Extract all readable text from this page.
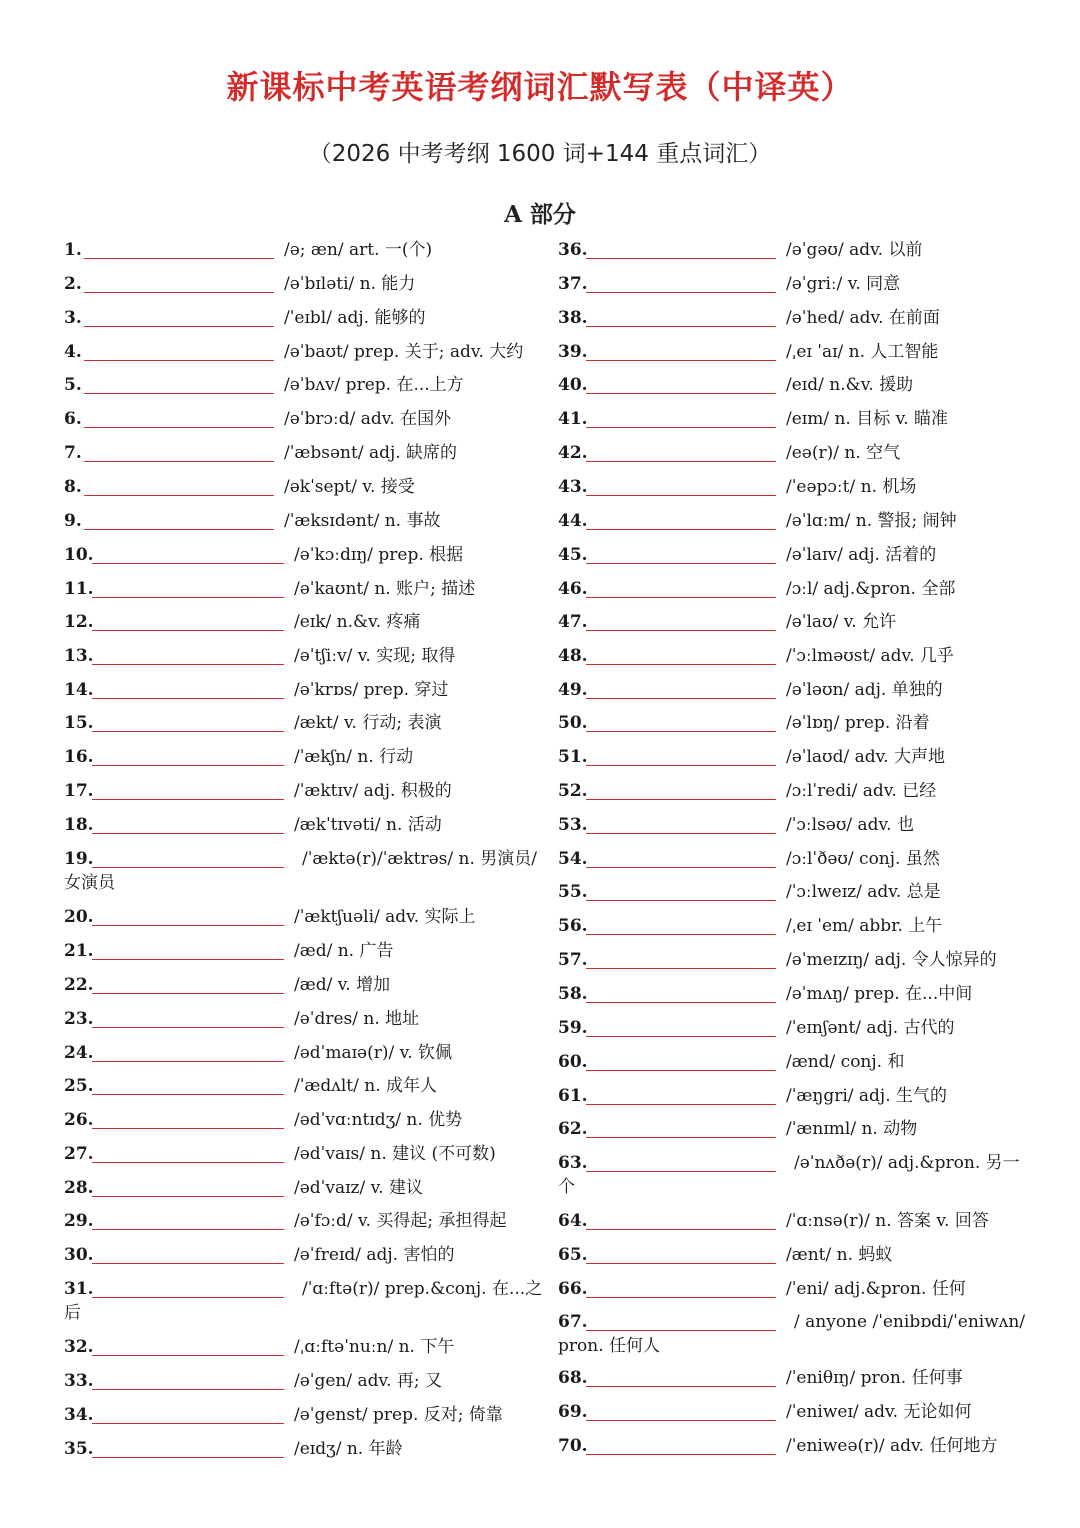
新课标中考英语考纲词汇默写表（中译英）
（2026 中考考纲 1600 词+144 重点词汇）
A 部分
1.	/ə; æn/ art. 一(个)
2.	/əˈbɪləti/ n. 能力
3.	/ˈeɪbl/ adj. 能够的
4.	/əˈbaʊt/ prep. 关于; adv. 大约
5.	/əˈbʌv/ prep. 在...上方
6.	/əˈbrɔːd/ adv. 在国外
7.	/ˈæbsənt/ adj. 缺席的
8.	/əkˈsept/ v. 接受
9.	/ˈæksɪdənt/ n. 事故
10.	/əˈkɔːdɪŋ/ prep. 根据
11.	/əˈkaʊnt/ n. 账户; 描述
12.	/eɪk/ n.&v. 疼痛
13.	/əˈtʃiːv/ v. 实现; 取得
14.	/əˈkrɒs/ prep. 穿过
15.	/ækt/ v. 行动; 表演
16.	/ˈækʃn/ n. 行动
17.	/ˈæktɪv/ adj. 积极的
18.	/ækˈtɪvəti/ n. 活动
19.	/ˈæktə(r)/ˈæktrəs/ n. 男演员/
女演员
20.	/ˈæktʃuəli/ adv. 实际上
21.	/æd/ n. 广告
22.	/æd/ v. 增加
23.	/əˈdres/ n. 地址
24.	/ədˈmaɪə(r)/ v. 钦佩
25.	/ˈædʌlt/ n. 成年人
26.	/ədˈvɑːntɪdʒ/ n. 优势
27.	/ədˈvaɪs/ n. 建议 (不可数)
28.	/ədˈvaɪz/ v. 建议
29.	/əˈfɔːd/ v. 买得起; 承担得起
30.	/əˈfreɪd/ adj. 害怕的
31.	/ˈɑːftə(r)/ prep.&conj. 在...之
后
32.	/ˌɑːftəˈnuːn/ n. 下午
33.	/əˈgen/ adv. 再; 又
34.	/əˈgenst/ prep. 反对; 倚靠
35.	/eɪdʒ/ n. 年龄
36.	/əˈgəʊ/ adv. 以前
37.	/əˈgriː/ v. 同意
38.	/əˈhed/ adv. 在前面
39.	/ˌeɪ ˈaɪ/ n. 人工智能
40.	/eɪd/ n.&v. 援助
41.	/eɪm/ n. 目标 v. 瞄准
42.	/eə(r)/ n. 空气
43.	/ˈeəpɔːt/ n. 机场
44.	/əˈlɑːm/ n. 警报; 闹钟
45.	/əˈlaɪv/ adj. 活着的
46.	/ɔːl/ adj.&pron. 全部
47.	/əˈlaʊ/ v. 允许
48.	/ˈɔːlməʊst/ adv. 几乎
49.	/əˈləʊn/ adj. 单独的
50.	/əˈlɒŋ/ prep. 沿着
51.	/əˈlaʊd/ adv. 大声地
52.	/ɔːlˈredi/ adv. 已经
53.	/ˈɔːlsəʊ/ adv. 也
54.	/ɔːlˈðəʊ/ conj. 虽然
55.	/ˈɔːlweɪz/ adv. 总是
56.	/ˌeɪ ˈem/ abbr. 上午
57.	/əˈmeɪzɪŋ/ adj. 令人惊异的
58.	/əˈmʌŋ/ prep. 在...中间
59.	/ˈeɪnʃənt/ adj. 古代的
60.	/ænd/ conj. 和
61.	/ˈæŋgri/ adj. 生气的
62.	/ˈænɪml/ n. 动物
63.	/əˈnʌðə(r)/ adj.&pron. 另一
个
64.	/ˈɑːnsə(r)/ n. 答案 v. 回答
65.	/ænt/ n. 蚂蚁
66.	/ˈeni/ adj.&pron. 任何
67.	/ anyone /ˈenibɒdi/ˈeniwʌn/
pron. 任何人
68.	/ˈeniθɪŋ/ pron. 任何事
69.	/ˈeniweɪ/ adv. 无论如何
70.	/ˈeniweə(r)/ adv. 任何地方
